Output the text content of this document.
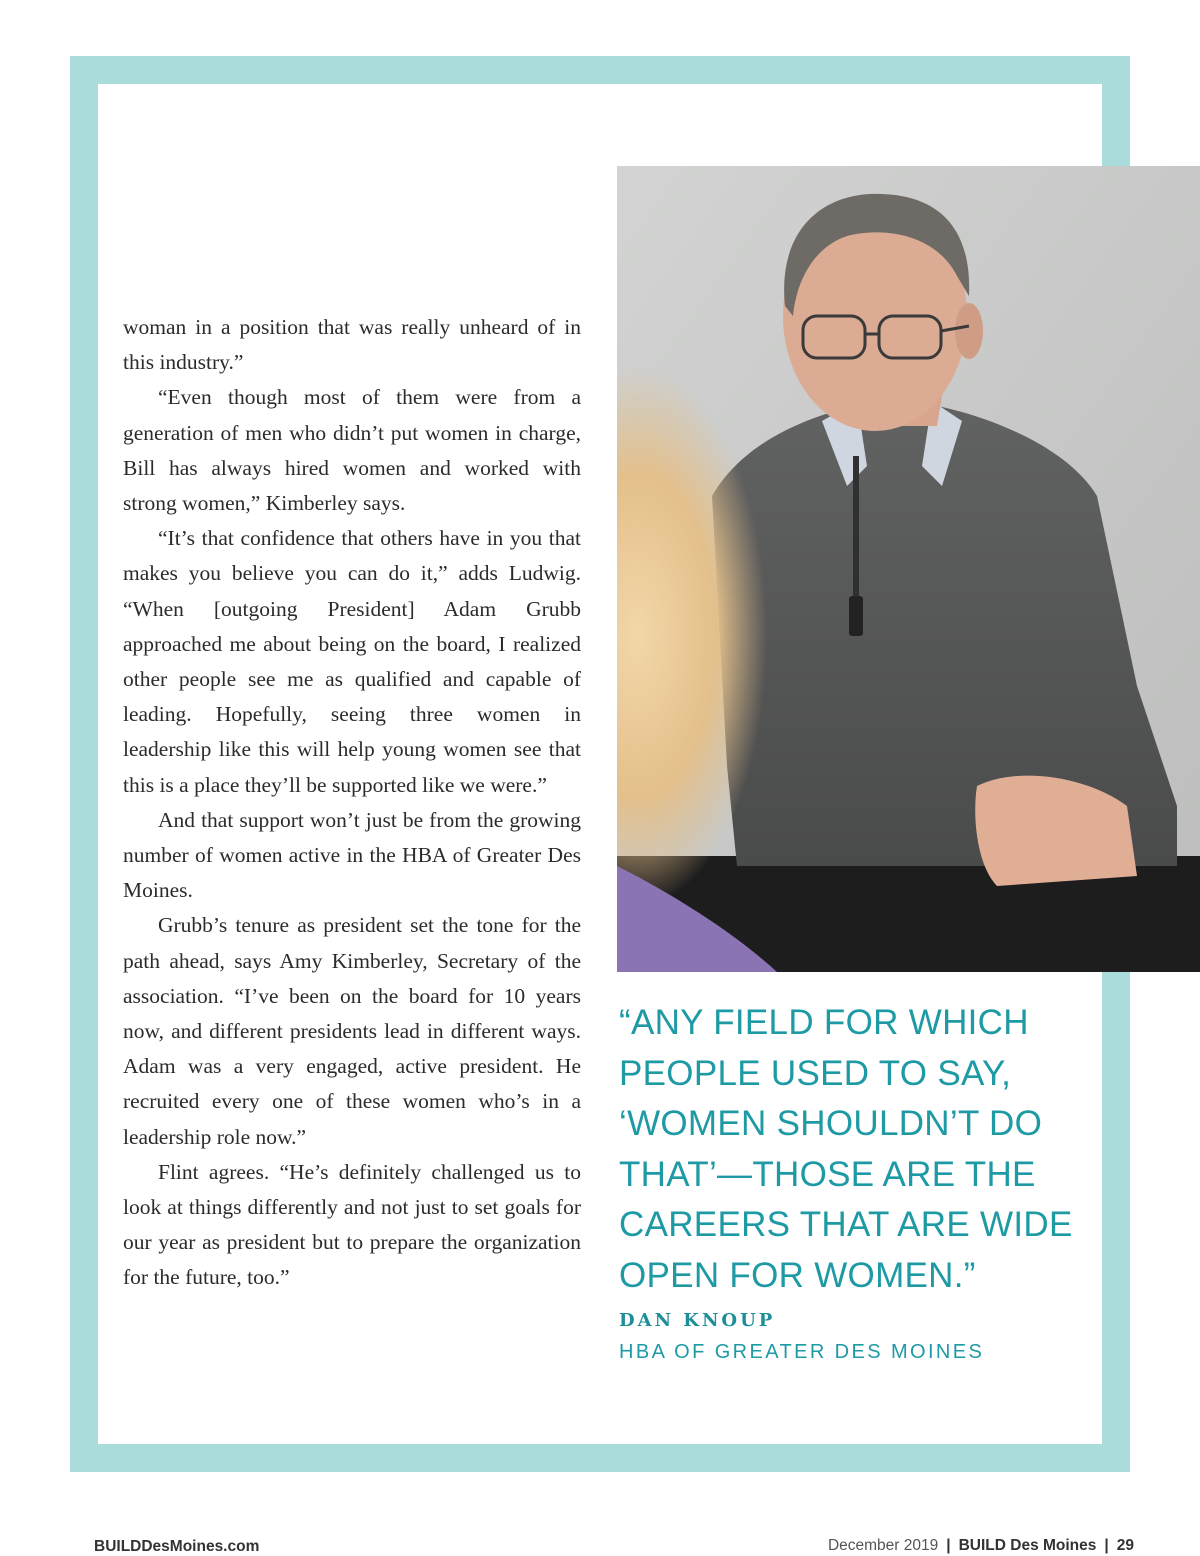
woman in a position that was really unheard of in this industry.”

“Even though most of them were from a generation of men who didn’t put women in charge, Bill has always hired women and worked with strong women,” Kimberley says.

“It’s that confidence that others have in you that makes you believe you can do it,” adds Ludwig. “When [outgoing President] Adam Grubb approached me about being on the board, I realized other people see me as qualified and capable of leading. Hopefully, seeing three women in leadership like this will help young women see that this is a place they’ll be supported like we were.”

And that support won’t just be from the growing number of women active in the HBA of Greater Des Moines.

Grubb’s tenure as president set the tone for the path ahead, says Amy Kimberley, Secretary of the association. “I’ve been on the board for 10 years now, and different presidents lead in different ways. Adam was a very engaged, active president. He recruited every one of these women who’s in a leadership role now.”

Flint agrees. “He’s definitely challenged us to look at things differently and not just to set goals for our year as president but to prepare the organization for the future, too.”

“ANY FIELD FOR WHICH PEOPLE USED TO SAY, ‘WOMEN SHOULDN’T DO THAT’—THOSE ARE THE CAREERS THAT ARE WIDE OPEN FOR WOMEN.”

DAN KNOUP

HBA OF GREATER DES MOINES

BUILDDesMoines.com	December 2019 | BUILD Des Moines | 29
